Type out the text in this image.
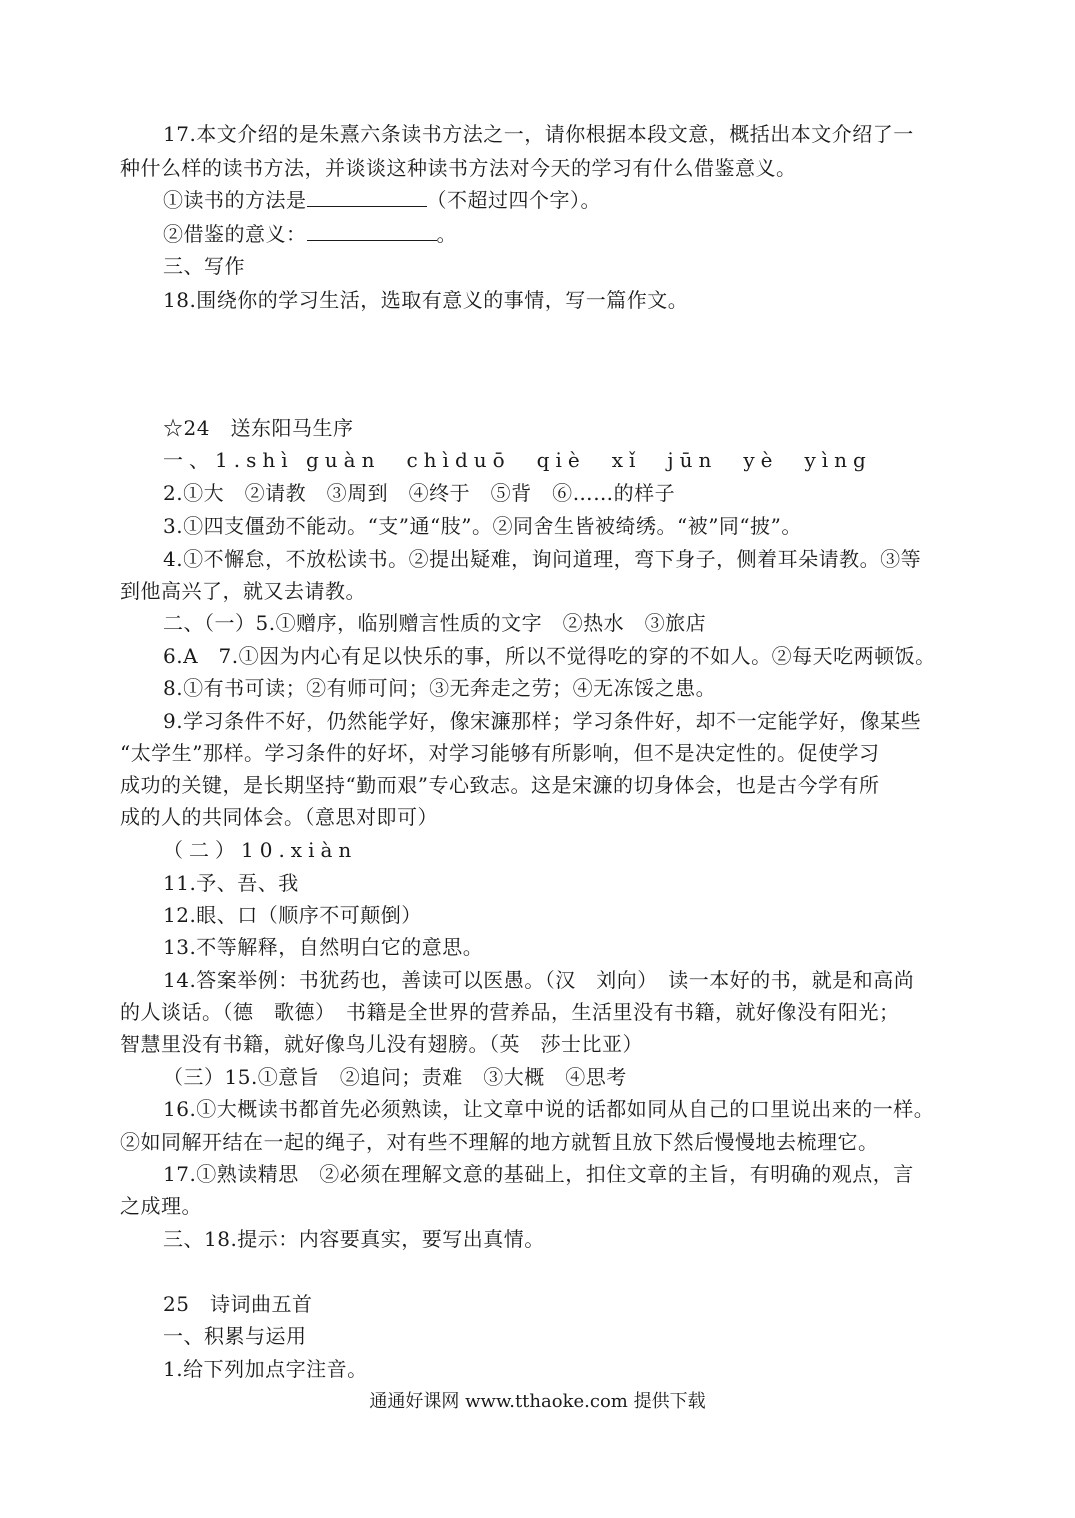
17.本文介绍的是朱熹六条读书方法之一，请你根据本段文意，概括出本文介绍了一
种什么样的读书方法，并谈谈这种读书方法对今天的学习有什么借鉴意义。
①读书的方法是	（不超过四个字）。
②借鉴的意义：	。
三、写作
18.围绕你的学习生活，选取有意义的事情，写一篇作文。
☆24　送东阳马生序
一、1.shì guàn　chìduō　qiè　xǐ　jūn　yè　yìng
2.①大　②请教　③周到　④终于　⑤背　⑥……的样子
3.①四支僵劲不能动。“支”通“肢”。②同舍生皆被绮绣。“被”同“披”。
4.①不懈怠，不放松读书。②提出疑难，询问道理，弯下身子，侧着耳朵请教。③等
到他高兴了，就又去请教。
二、（一）5.①赠序，临别赠言性质的文字　②热水　③旅店
6.A　7.①因为内心有足以快乐的事，所以不觉得吃的穿的不如人。②每天吃两顿饭。
8.①有书可读；②有师可问；③无奔走之劳；④无冻馁之患。
9.学习条件不好，仍然能学好，像宋濂那样；学习条件好，却不一定能学好，像某些
“太学生”那样。学习条件的好坏，对学习能够有所影响，但不是决定性的。促使学习
成功的关键，是长期坚持“勤而艰”专心致志。这是宋濂的切身体会，也是古今学有所
成的人的共同体会。（意思对即可）
（二）10.xiàn
11.予、吾、我
12.眼、口（顺序不可颠倒）
13.不等解释，自然明白它的意思。
14.答案举例：书犹药也，善读可以医愚。（汉　刘向）　读一本好的书，就是和高尚
的人谈话。（德　歌德）　书籍是全世界的营养品，生活里没有书籍，就好像没有阳光；
智慧里没有书籍，就好像鸟儿没有翅膀。（英　莎士比亚）
（三）15.①意旨　②追问；责难　③大概　④思考
16.①大概读书都首先必须熟读，让文章中说的话都如同从自己的口里说出来的一样。
②如同解开结在一起的绳子，对有些不理解的地方就暂且放下然后慢慢地去梳理它。
17.①熟读精思　②必须在理解文意的基础上，扣住文章的主旨，有明确的观点，言
之成理。
三、18.提示：内容要真实，要写出真情。
25　诗词曲五首
一、积累与运用
1.给下列加点字注音。
通通好课网 www.tthaoke.com 提供下载
